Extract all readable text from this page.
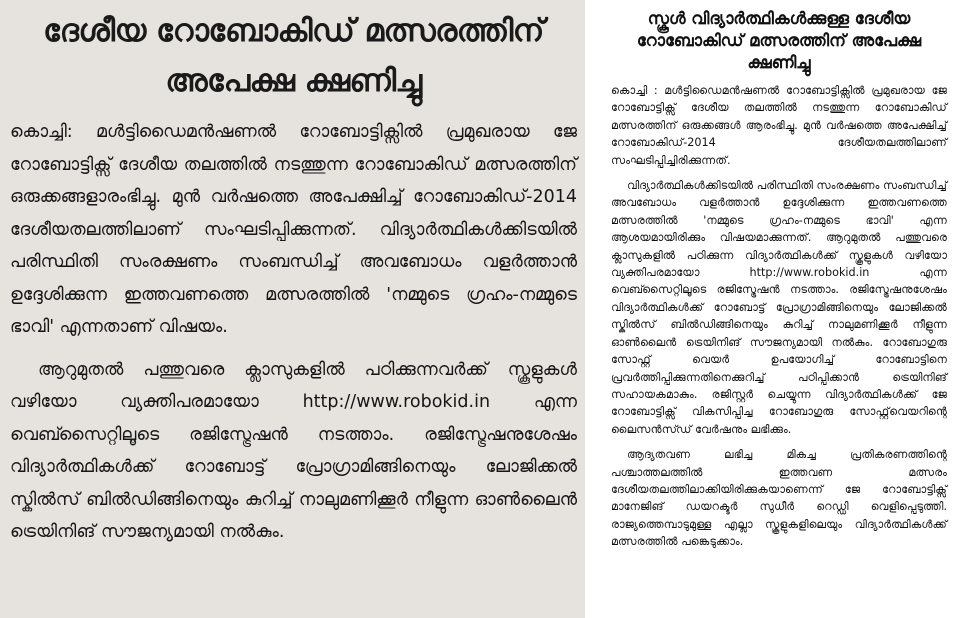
ദേശീയ റോബോകിഡ് മത്സരത്തിന് അപേക്ഷ ക്ഷണിച്ചു

കൊച്ചി: മൾട്ടിഡൈമൻഷണൽ റോബോട്ടിക്സിൽ പ്രമുഖരായ ജേ റോബോട്ടിക്സ് ദേശീയ തലത്തിൽ നടത്തുന്ന റോബോകിഡ് മത്സരത്തിന് ഒരുക്കങ്ങളാരംഭിച്ചു. മുൻ വർഷത്തെ അപേക്ഷിച്ച് റോബോകിഡ്-2014 ദേശീയതലത്തിലാണ് സംഘടിപ്പിക്കുന്നത്. വിദ്യാർത്ഥികൾക്കിടയിൽ പരിസ്ഥിതി സംരക്ഷണം സംബന്ധിച്ച് അവബോധം വളർത്താൻ ഉദ്ദേശിക്കുന്ന ഇത്തവണത്തെ മത്സരത്തിൽ 'നമ്മുടെ ഗ്രഹം-നമ്മുടെ ഭാവി' എന്നതാണ് വിഷയം.

ആറുമുതൽ പത്തുവരെ ക്ലാസുകളിൽ പഠിക്കുന്നവർക്ക് സ്കൂളുകൾ വഴിയോ വ്യക്തിപരമായോ http://www.robokid.in എന്ന വെബ്സൈറ്റിലൂടെ രജിസ്ട്രേഷൻ നടത്താം. രജിസ്ട്രേഷനുശേഷം വിദ്യാർത്ഥികൾക്ക് റോബോട്ട് പ്രോഗ്രാമിങ്ങിനെയും ലോജിക്കൽ സ്കിൽസ് ബിൽഡിങ്ങിനെയും കുറിച്ച് നാലുമണിക്കൂർ നീളുന്ന ഓൺലൈൻ ട്രെയിനിങ് സൗജന്യമായി നൽകും.

സ്കൂൾ വിദ്യാർത്ഥികൾക്കുള്ള ദേശീയ റോബോകിഡ് മത്സരത്തിന് അപേക്ഷ ക്ഷണിച്ചു

കൊച്ചി : മൾട്ടിഡൈമൻഷണൽ റോബോട്ടിക്സിൽ പ്രമുഖരായ ജേ റോബോട്ടിക്സ് ദേശീയ തലത്തിൽ നടത്തുന്ന റോബോകിഡ് മത്സരത്തിന് ഒരുക്കങ്ങൾ ആരംഭിച്ചു. മുൻ വർഷത്തെ അപേക്ഷിച്ച് റോബോകിഡ്-2014 ദേശീയതലത്തിലാണ് സംഘടിപ്പിച്ചിരിക്കുന്നത്.

വിദ്യാർത്ഥികൾക്കിടയിൽ പരിസ്ഥിതി സംരക്ഷണം സംബന്ധിച്ച് അവബോധം വളർത്താൻ ഉദ്ദേശിക്കുന്ന ഇത്തവണത്തെ മത്സരത്തിൽ 'നമ്മുടെ ഗ്രഹം-നമ്മുടെ ഭാവി' എന്ന ആശയമായിരിക്കും വിഷയമാക്കുന്നത്. ആറുമുതൽ പത്തുവരെ ക്ലാസുകളിൽ പഠിക്കുന്ന വിദ്യാർത്ഥികൾക്ക് സ്കൂളുകൾ വഴിയോ വ്യക്തിപരമായോ http://www.robokid.in എന്ന വെബ്സൈറ്റിലൂടെ രജിസ്ട്രേഷൻ നടത്താം. രജിസ്ട്രേഷനുശേഷം വിദ്യാർത്ഥികൾക്ക് റോബോട്ട് പ്രോഗ്രാമിങ്ങിനെയും ലോജിക്കൽ സ്കിൽസ് ബിൽഡിങ്ങിനെയും കുറിച്ച് നാലുമണിക്കൂർ നീളുന്ന ഓൺലൈൻ ട്രെയിനിങ് സൗജന്യമായി നൽകും. റോബോഗുരു സോഫ്റ്റ് വെയർ ഉപയോഗിച്ച് റോബോട്ടിനെ പ്രവർത്തിപ്പിക്കുന്നതിനെക്കുറിച്ച് പഠിപ്പിക്കാൻ ട്രെയിനിങ് സഹായകമാകും. രജിസ്റ്റർ ചെയ്യുന്ന വിദ്യാർത്ഥികൾക്ക് ജേ റോബോട്ടിക്സ് വികസിപ്പിച്ച റോബോഗുരു സോഫ്റ്റ്‌വെയറിന്റെ ലൈസൻസ്ഡ് വേർഷനും ലഭിക്കും.

ആദ്യതവണ ലഭിച്ച മികച്ച പ്രതികരണത്തിന്റെ പശ്ചാത്തലത്തിൽ ഇത്തവണ മത്സരം ദേശീയതലത്തിലാക്കിയിരിക്കുകയാണെന്ന് ജേ റോബോട്ടിക്സ് മാനേജിങ് ഡയറക്ടർ സുധീർ റെഡ്ഡി വെളിപ്പെടുത്തി. രാജ്യത്തെമ്പാടുമുള്ള എല്ലാ സ്കൂളുകളിലെയും വിദ്യാർത്ഥികൾക്ക് മത്സരത്തിൽ പങ്കെടുക്കാം.
